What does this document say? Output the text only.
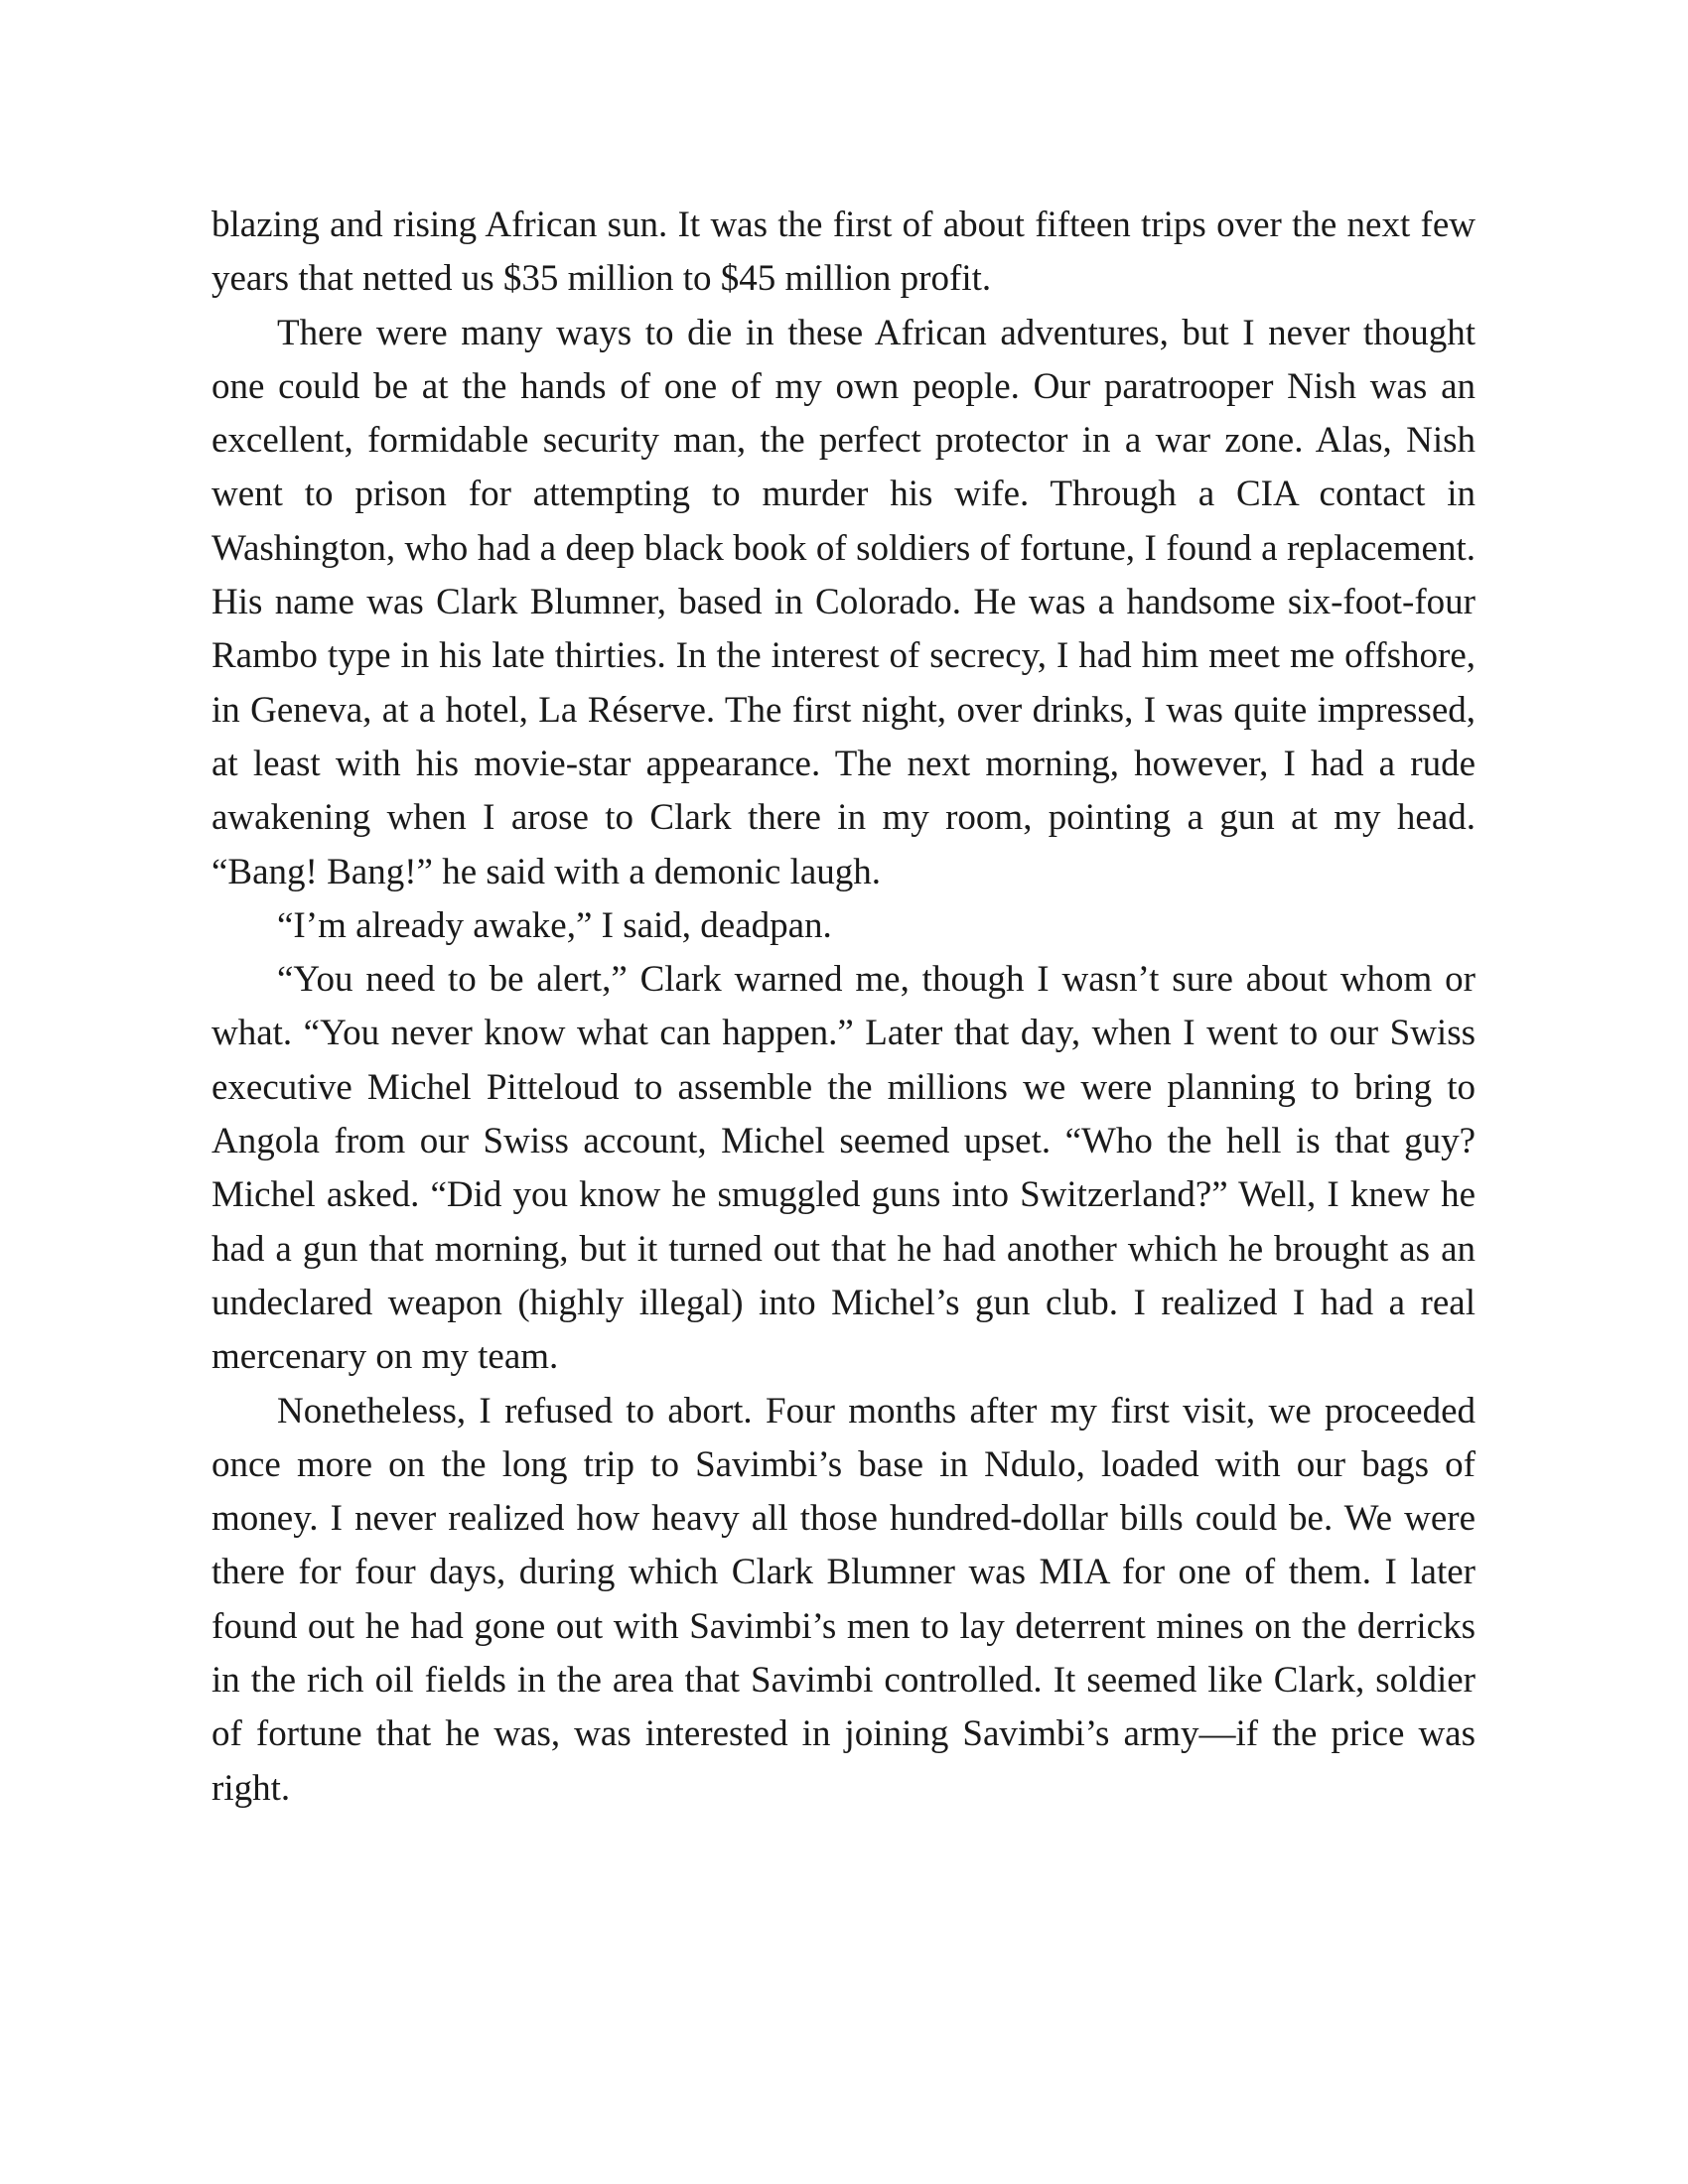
blazing and rising African sun. It was the first of about fifteen trips over the next few years that netted us $35 million to $45 million profit.

There were many ways to die in these African adventures, but I never thought one could be at the hands of one of my own people. Our paratrooper Nish was an excellent, formidable security man, the perfect protector in a war zone. Alas, Nish went to prison for attempting to murder his wife. Through a CIA contact in Washington, who had a deep black book of soldiers of fortune, I found a replacement. His name was Clark Blumner, based in Colorado. He was a handsome six-foot-four Rambo type in his late thirties. In the interest of secrecy, I had him meet me offshore, in Geneva, at a hotel, La Réserve. The first night, over drinks, I was quite impressed, at least with his movie-star appearance. The next morning, however, I had a rude awakening when I arose to Clark there in my room, pointing a gun at my head. “Bang! Bang!” he said with a demonic laugh.

“I’m already awake,” I said, deadpan.

“You need to be alert,” Clark warned me, though I wasn’t sure about whom or what. “You never know what can happen.” Later that day, when I went to our Swiss executive Michel Pitteloud to assemble the millions we were planning to bring to Angola from our Swiss account, Michel seemed upset. “Who the hell is that guy? Michel asked. “Did you know he smuggled guns into Switzerland?” Well, I knew he had a gun that morning, but it turned out that he had another which he brought as an undeclared weapon (highly illegal) into Michel’s gun club. I realized I had a real mercenary on my team.

Nonetheless, I refused to abort. Four months after my first visit, we proceeded once more on the long trip to Savimbi’s base in Ndulo, loaded with our bags of money. I never realized how heavy all those hundred-dollar bills could be. We were there for four days, during which Clark Blumner was MIA for one of them. I later found out he had gone out with Savimbi’s men to lay deterrent mines on the derricks in the rich oil fields in the area that Savimbi controlled. It seemed like Clark, soldier of fortune that he was, was interested in joining Savimbi’s army—if the price was right.
